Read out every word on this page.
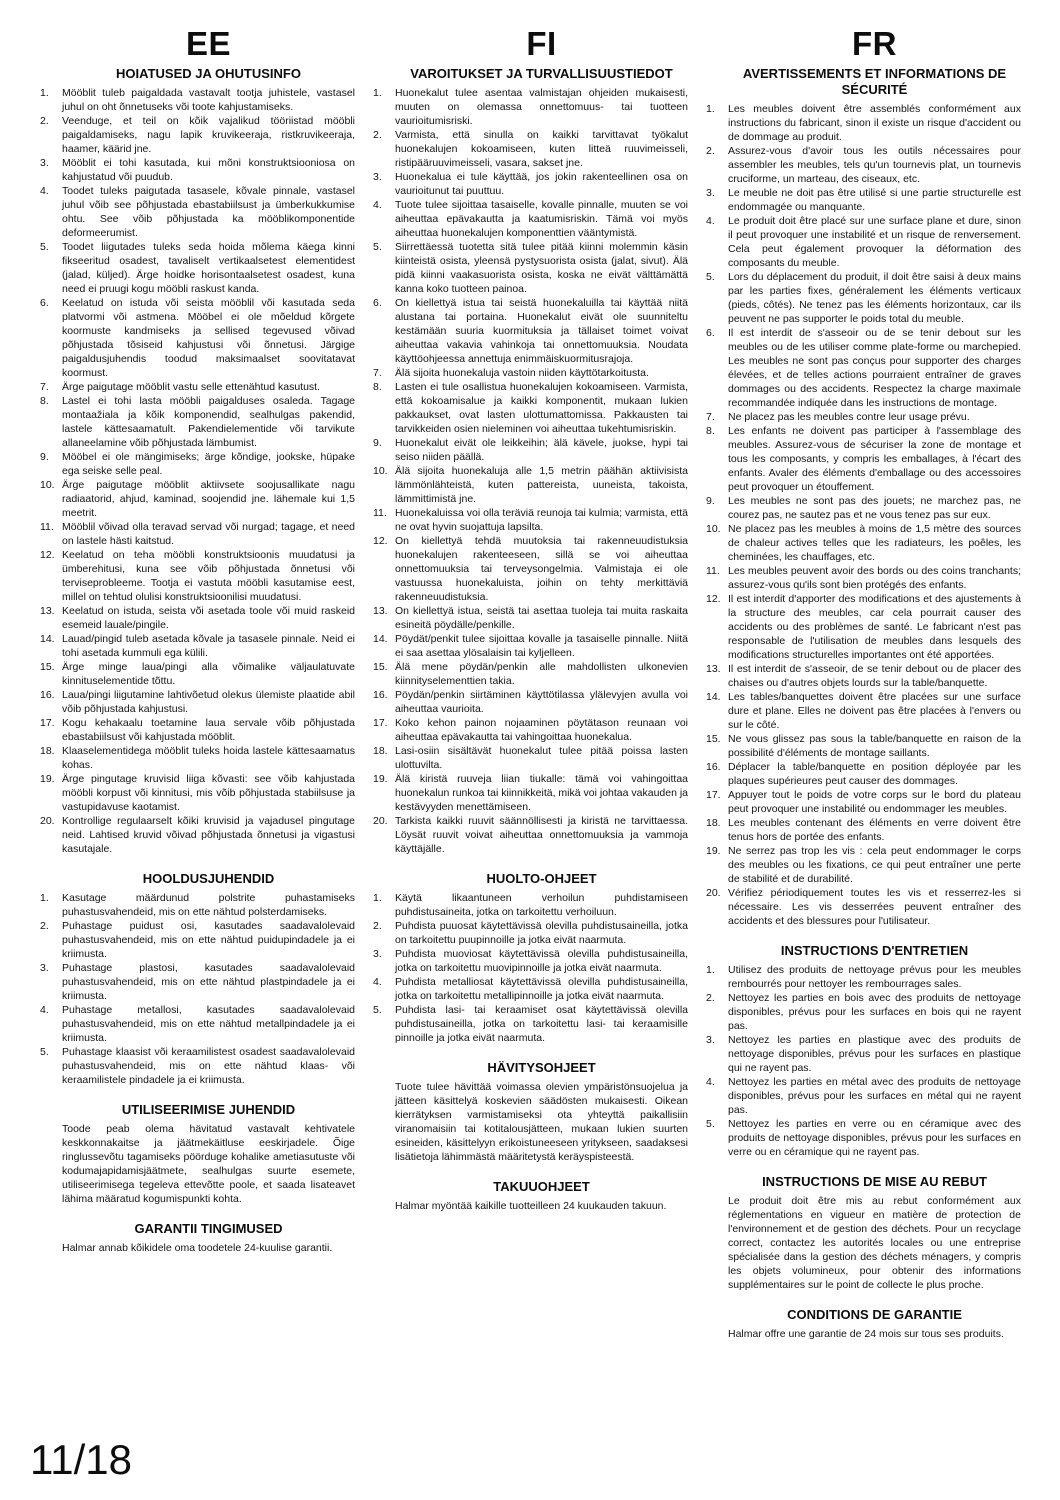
EE
HOIATUSED JA OHUTUSINFO
1.	Mööblit tuleb paigaldada vastavalt tootja juhistele, vastasel juhul on oht õnnetuseks või toote kahjustamiseks.
2.	Veenduge, et teil on kõik vajalikud tööriistad mööbli paigaldamiseks, nagu lapik kruvikeeraja, ristkruvikeeraja, haamer, käärid jne.
3.	Mööblit ei tohi kasutada, kui mõni konstruktsiooniosa on kahjustatud või puudub.
4.	Toodet tuleks paigutada tasasele, kõvale pinnale, vastasel juhul võib see põhjustada ebastabiilsust ja ümberkukkumise ohtu. See võib põhjustada ka mööblikomponentide deformeerumist.
5.	Toodet liigutades tuleks seda hoida mõlema käega kinni fikseeritud osadest, tavaliselt vertikaalsetest elementidest (jalad, küljed). Ärge hoidke horisontaalsetest osadest, kuna need ei pruugi kogu mööbli raskust kanda.
6.	Keelatud on istuda või seista mööblil või kasutada seda platvormi või astmena. Mööbel ei ole mõeldud kõrgete koormuste kandmiseks ja sellised tegevused võivad põhjustada tõsiseid kahjustusi või õnnetusi. Järgige paigaldusjuhendis toodud maksimaalset soovitatavat koormust.
7.	Ärge paigutage mööblit vastu selle ettenähtud kasutust.
8.	Lastel ei tohi lasta mööbli paigalduses osaleda. Tagage montaažiala ja kõik komponendid, sealhulgas pakendid, lastele kättesaamatult. Pakendielementide või tarvikute allaneelamine võib põhjustada lämbumist.
9.	Mööbel ei ole mängimiseks; ärge kõndige, jookske, hüpake ega seiske selle peal.
10. Ärge paigutage mööblit aktiivsete soojusallikate nagu radiaatorid, ahjud, kaminad, soojendid jne. lähemale kui 1,5 meetrit.
11. Mööblil võivad olla teravad servad või nurgad; tagage, et need on lastele hästi kaitstud.
12. Keelatud on teha mööbli konstruktsioonis muudatusi ja ümberehitusi, kuna see võib põhjustada õnnetusi või terviseprobleeme. Tootja ei vastuta mööbli kasutamise eest, millel on tehtud olulisi konstruktsioonilisi muudatusi.
13. Keelatud on istuda, seista või asetada toole või muid raskeid esemeid lauale/pingile.
14. Lauad/pingid tuleb asetada kõvale ja tasasele pinnale. Neid ei tohi asetada kummuli ega külili.
15. Ärge minge laua/pingi alla võimalike väljaulatuvate kinnituselementide tõttu.
16. Laua/pingi liigutamine lahtivõetud olekus ülemiste plaatide abil võib põhjustada kahjustusi.
17. Kogu kehakaalu toetamine laua servale võib põhjustada ebastabiilsust või kahjustada mööblit.
18. Klaaselementidega mööblit tuleks hoida lastele kättesaamatus kohas.
19. Ärge pingutage kruvisid liiga kõvasti: see võib kahjustada mööbli korpust või kinnitusi, mis võib põhjustada stabiilsuse ja vastupidavuse kaotamist.
20. Kontrollige regulaarselt kõiki kruvisid ja vajadusel pingutage neid. Lahtised kruvid võivad põhjustada õnnetusi ja vigastusi kasutajale.
HOOLDUSJUHENDID
1.	Kasutage määrdunud polstrite puhastamiseks puhastusvahendeid, mis on ette nähtud polsterdamiseks.
2.	Puhastage puidust osi, kasutades saadavalolevaid puhastusvahendeid, mis on ette nähtud puidupindadele ja ei kriimusta.
3.	Puhastage plastosi, kasutades saadavalolevaid puhastusvahendeid, mis on ette nähtud plastpindadele ja ei kriimusta.
4.	Puhastage metallosi, kasutades saadavalolevaid puhastusvahendeid, mis on ette nähtud metallpindadele ja ei kriimusta.
5.	Puhastage klaasist või keraamilistest osadest saadavalolevaid puhastusvahendeid, mis on ette nähtud klaas- või keraamilistele pindadele ja ei kriimusta.
UTILISEERIMISE JUHENDID

Toode peab olema hävitatud vastavalt kehtivatele keskkonnakaitse ja jäätmekäitluse eeskirjadele. Õige ringlussevõtu tagamiseks pöörduge kohalike ametiasutuste või kodumajapidamisjäätmete, sealhulgas suurte esemete, utiliseerimisega tegeleva ettevõtte poole, et saada lisateavet lähima määratud kogumispunkti kohta.

GARANTII TINGIMUSED

Halmar annab kõikidele oma toodetele 24-kuulise garantii.

FI
VAROITUKSET JA TURVALLISUUSTIEDOT
1.	Huonekalut tulee asentaa valmistajan ohjeiden mukaisesti, muuten on olemassa onnettomuus- tai tuotteen vaurioitumisriski.
2.	Varmista, että sinulla on kaikki tarvittavat työkalut huonekalujen kokoamiseen, kuten litteä ruuvimeisseli, ristipääruuvimeisseli, vasara, sakset jne.
3.	Huonekalua ei tule käyttää, jos jokin rakenteellinen osa on vaurioitunut tai puuttuu.
4.	Tuote tulee sijoittaa tasaiselle, kovalle pinnalle, muuten se voi aiheuttaa epävakautta ja kaatumisriskin. Tämä voi myös aiheuttaa huonekalujen komponenttien vääntymistä.
5.	Siirrettäessä tuotetta sitä tulee pitää kiinni molemmin käsin kiinteistä osista, yleensä pystysuorista osista (jalat, sivut). Älä pidä kiinni vaakasuorista osista, koska ne eivät välttämättä kanna koko tuotteen painoa.
6.	On kiellettyä istua tai seistä huonekaluilla tai käyttää niitä alustana tai portaina. Huonekalut eivät ole suunniteltu kestämään suuria kuormituksia ja tällaiset toimet voivat aiheuttaa vakavia vahinkoja tai onnettomuuksia. Noudata käyttöohjeessa annettuja enimmäiskuormitusrajoja.
7.	Älä sijoita huonekaluja vastoin niiden käyttötarkoitusta.
8.	Lasten ei tule osallistua huonekalujen kokoamiseen. Varmista, että kokoamisalue ja kaikki komponentit, mukaan lukien pakkaukset, ovat lasten ulottumattomissa. Pakkausten tai tarvikkeiden osien nieleminen voi aiheuttaa tukehtumisriskin.
9.	Huonekalut eivät ole leikkeihin; älä kävele, juokse, hypi tai seiso niiden päällä.
10. Älä sijoita huonekaluja alle 1,5 metrin päähän aktiivisista lämmönlähteistä, kuten pattereista, uuneista, takoista, lämmittimistä jne.
11. Huonekaluissa voi olla teräviä reunoja tai kulmia; varmista, että ne ovat hyvin suojattuja lapsilta.
12. On kiellettyä tehdä muutoksia tai rakenneuudistuksia huonekalujen rakenteeseen, sillä se voi aiheuttaa onnettomuuksia tai terveysongelmia. Valmistaja ei ole vastuussa huonekaluista, joihin on tehty merkittäviä rakenneuudistuksia.
13. On kiellettyä istua, seistä tai asettaa tuoleja tai muita raskaita esineitä pöydälle/penkille.
14. Pöydät/penkit tulee sijoittaa kovalle ja tasaiselle pinnalle. Niitä ei saa asettaa ylösalaisin tai kyljelleen.
15. Älä mene pöydän/penkin alle mahdollisten ulkonevien kiinnityselementtien takia.
16. Pöydän/penkin siirtäminen käyttötilassa ylälevyjen avulla voi aiheuttaa vaurioita.
17. Koko kehon painon nojaaminen pöytätason reunaan voi aiheuttaa epävakautta tai vahingoittaa huonekalua.
18. Lasi-osiin sisältävät huonekalut tulee pitää poissa lasten ulottuvilta.
19. Älä kiristä ruuveja liian tiukalle: tämä voi vahingoittaa huonekalun runkoa tai kiinnikkeitä, mikä voi johtaa vakauden ja kestävyyden menettämiseen.
20. Tarkista kaikki ruuvit säännöllisesti ja kiristä ne tarvittaessa. Löysät ruuvit voivat aiheuttaa onnettomuuksia ja vammoja käyttäjälle.
HUOLTO-OHJEET
1.	Käytä likaantuneen verhoilun puhdistamiseen puhdistusaineita, jotka on tarkoitettu verhoiluun.
2.	Puhdista puuosat käytettävissä olevilla puhdistusaineilla, jotka on tarkoitettu puupinnoille ja jotka eivät naarmuta.
3.	Puhdista muoviosat käytettävissä olevilla puhdistusaineilla, jotka on tarkoitettu muovipinnoille ja jotka eivät naarmuta.
4.	Puhdista metalliosat käytettävissä olevilla puhdistusaineilla, jotka on tarkoitettu metallipinnoille ja jotka eivät naarmuta.
5.	Puhdista lasi- tai keraamiset osat käytettävissä olevilla puhdistusaineilla, jotka on tarkoitettu lasi- tai keraamisille pinnoille ja jotka eivät naarmuta.
HÄVITYSOHJEET

Tuote tulee hävittää voimassa olevien ympäristönsuojelua ja jätteen käsittelyä koskevien säädösten mukaisesti. Oikean kierrätyksen varmistamiseksi ota yhteyttä paikallisiin viranomaisiin tai kotitalousjätteen, mukaan lukien suurten esineiden, käsittelyyn erikoistuneeseen yritykseen, saadaksesi lisätietoja lähimmästä määritetystä keräyspisteestä.

TAKUUOHJEET

Halmar myöntää kaikille tuotteilleen 24 kuukauden takuun.

FR
AVERTISSEMENTS ET INFORMATIONS DE SÉCURITÉ
1.	Les meubles doivent être assemblés conformément aux instructions du fabricant, sinon il existe un risque d'accident ou de dommage au produit.
2.	Assurez-vous d'avoir tous les outils nécessaires pour assembler les meubles, tels qu'un tournevis plat, un tournevis cruciforme, un marteau, des ciseaux, etc.
3.	Le meuble ne doit pas être utilisé si une partie structurelle est endommagée ou manquante.
4.	Le produit doit être placé sur une surface plane et dure, sinon il peut provoquer une instabilité et un risque de renversement. Cela peut également provoquer la déformation des composants du meuble.
5.	Lors du déplacement du produit, il doit être saisi à deux mains par les parties fixes, généralement les éléments verticaux (pieds, côtés). Ne tenez pas les éléments horizontaux, car ils peuvent ne pas supporter le poids total du meuble.
6.	Il est interdit de s'asseoir ou de se tenir debout sur les meubles ou de les utiliser comme plate-forme ou marchepied. Les meubles ne sont pas conçus pour supporter des charges élevées, et de telles actions pourraient entraîner de graves dommages ou des accidents. Respectez la charge maximale recommandée indiquée dans les instructions de montage.
7.	Ne placez pas les meubles contre leur usage prévu.
8.	Les enfants ne doivent pas participer à l'assemblage des meubles. Assurez-vous de sécuriser la zone de montage et tous les composants, y compris les emballages, à l'écart des enfants. Avaler des éléments d'emballage ou des accessoires peut provoquer un étouffement.
9.	Les meubles ne sont pas des jouets; ne marchez pas, ne courez pas, ne sautez pas et ne vous tenez pas sur eux.
10. Ne placez pas les meubles à moins de 1,5 mètre des sources de chaleur actives telles que les radiateurs, les poêles, les cheminées, les chauffages, etc.
11. Les meubles peuvent avoir des bords ou des coins tranchants; assurez-vous qu'ils sont bien protégés des enfants.
12. Il est interdit d'apporter des modifications et des ajustements à la structure des meubles, car cela pourrait causer des accidents ou des problèmes de santé. Le fabricant n'est pas responsable de l'utilisation de meubles dans lesquels des modifications structurelles importantes ont été apportées.
13. Il est interdit de s'asseoir, de se tenir debout ou de placer des chaises ou d'autres objets lourds sur la table/banquette.
14. Les tables/banquettes doivent être placées sur une surface dure et plane. Elles ne doivent pas être placées à l'envers ou sur le côté.
15. Ne vous glissez pas sous la table/banquette en raison de la possibilité d'éléments de montage saillants.
16. Déplacer la table/banquette en position déployée par les plaques supérieures peut causer des dommages.
17. Appuyer tout le poids de votre corps sur le bord du plateau peut provoquer une instabilité ou endommager les meubles.
18. Les meubles contenant des éléments en verre doivent être tenus hors de portée des enfants.
19. Ne serrez pas trop les vis : cela peut endommager le corps des meubles ou les fixations, ce qui peut entraîner une perte de stabilité et de durabilité.
20. Vérifiez périodiquement toutes les vis et resserrez-les si nécessaire. Les vis desserrées peuvent entraîner des accidents et des blessures pour l'utilisateur.
INSTRUCTIONS D'ENTRETIEN
1.	Utilisez des produits de nettoyage prévus pour les meubles rembourrés pour nettoyer les rembourrages sales.
2.	Nettoyez les parties en bois avec des produits de nettoyage disponibles, prévus pour les surfaces en bois qui ne rayent pas.
3.	Nettoyez les parties en plastique avec des produits de nettoyage disponibles, prévus pour les surfaces en plastique qui ne rayent pas.
4.	Nettoyez les parties en métal avec des produits de nettoyage disponibles, prévus pour les surfaces en métal qui ne rayent pas.
5.	Nettoyez les parties en verre ou en céramique avec des produits de nettoyage disponibles, prévus pour les surfaces en verre ou en céramique qui ne rayent pas.
INSTRUCTIONS DE MISE AU REBUT

Le produit doit être mis au rebut conformément aux réglementations en vigueur en matière de protection de l'environnement et de gestion des déchets. Pour un recyclage correct, contactez les autorités locales ou une entreprise spécialisée dans la gestion des déchets ménagers, y compris les objets volumineux, pour obtenir des informations supplémentaires sur le point de collecte le plus proche.

CONDITIONS DE GARANTIE

Halmar offre une garantie de 24 mois sur tous ses produits.

11/18
